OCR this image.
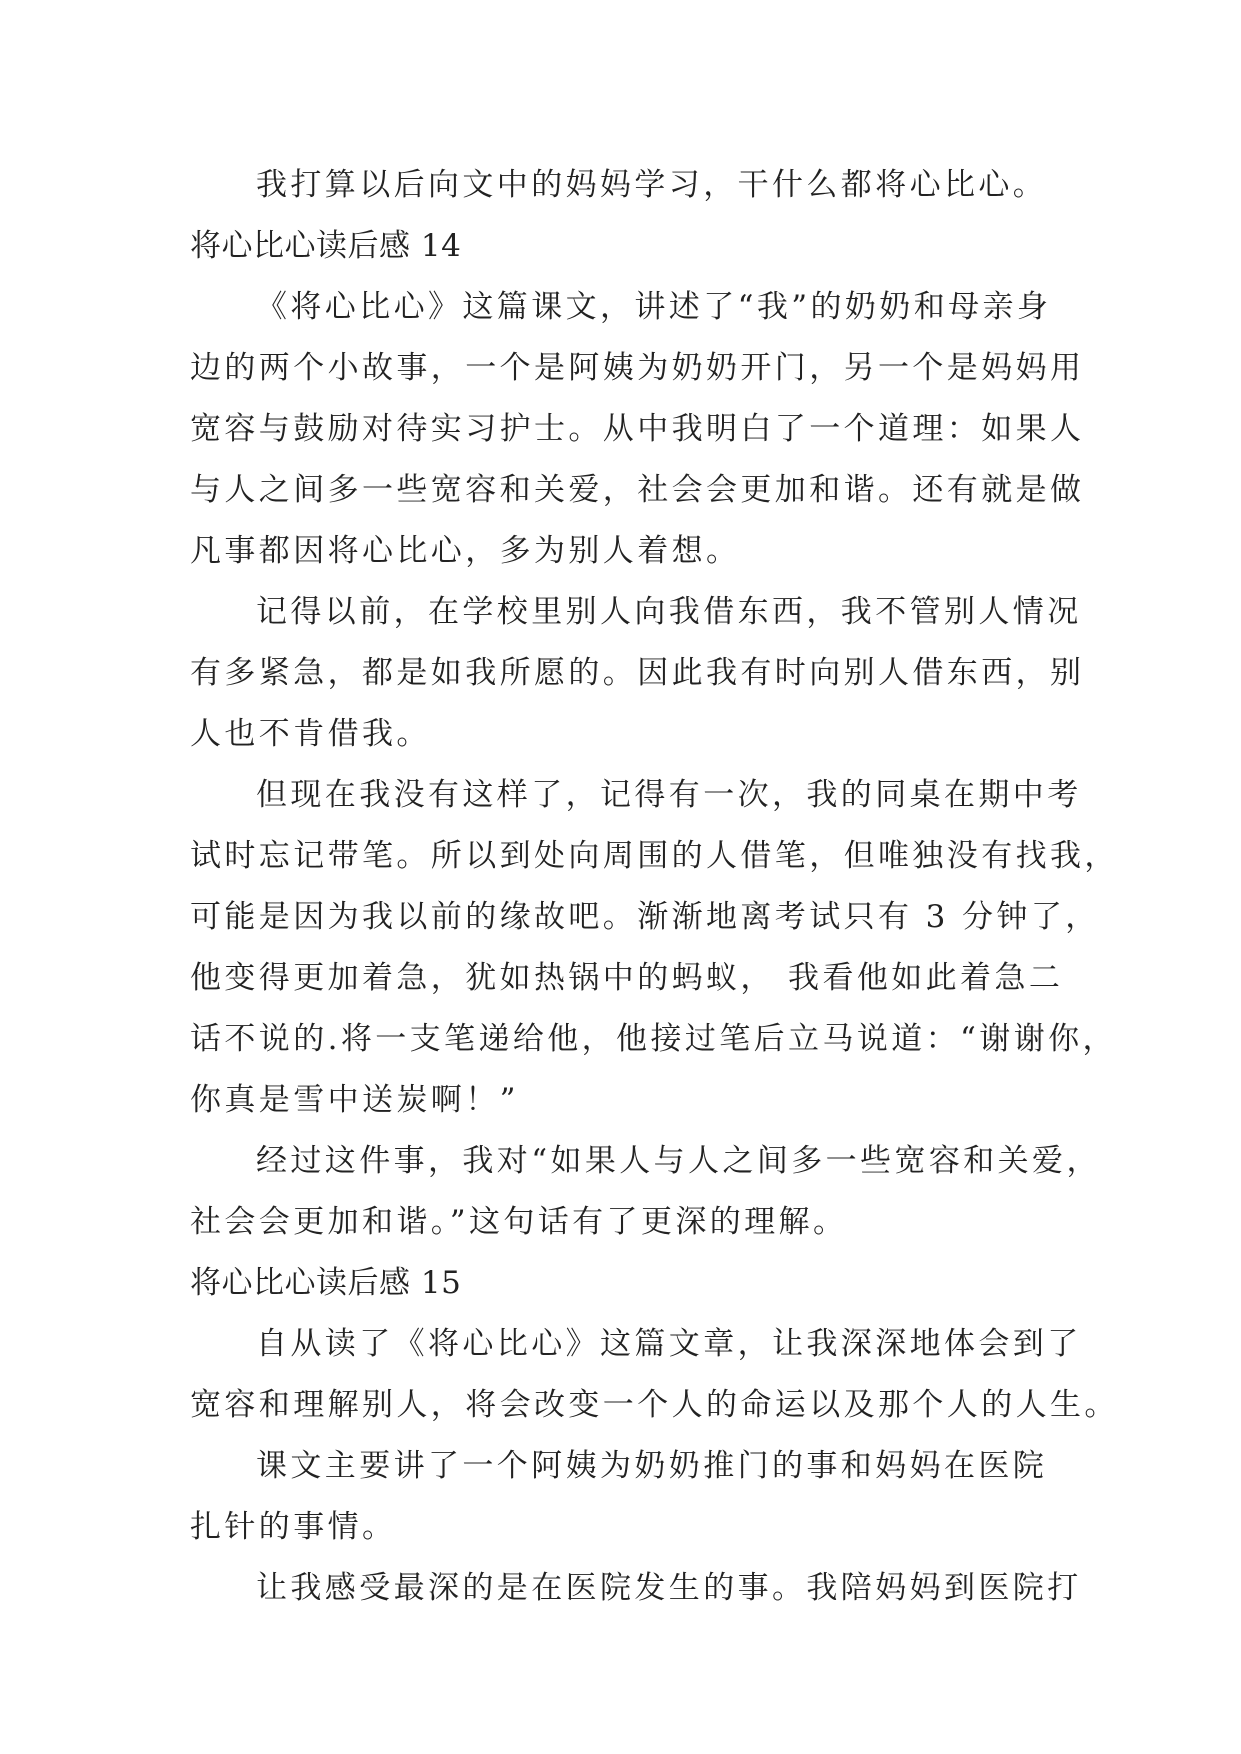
我打算以后向文中的妈妈学习，干什么都将心比心。
将心比心读后感 14
《将心比心》这篇课文，讲述了“我”的奶奶和母亲身
边的两个小故事，一个是阿姨为奶奶开门，另一个是妈妈用
宽容与鼓励对待实习护士。从中我明白了一个道理：如果人
与人之间多一些宽容和关爱，社会会更加和谐。还有就是做
凡事都因将心比心，多为别人着想。
记得以前，在学校里别人向我借东西，我不管别人情况
有多紧急，都是如我所愿的。因此我有时向别人借东西，别
人也不肯借我。
但现在我没有这样了，记得有一次，我的同桌在期中考
试时忘记带笔。所以到处向周围的人借笔，但唯独没有找我，
可能是因为我以前的缘故吧。渐渐地离考试只有 3 分钟了，
他变得更加着急，犹如热锅中的蚂蚁， 我看他如此着急二
话不说的.将一支笔递给他，他接过笔后立马说道：“谢谢你，
你真是雪中送炭啊！”
经过这件事，我对“如果人与人之间多一些宽容和关爱，
社会会更加和谐。”这句话有了更深的理解。
将心比心读后感 15
自从读了《将心比心》这篇文章，让我深深地体会到了
宽容和理解别人，将会改变一个人的命运以及那个人的人生。
课文主要讲了一个阿姨为奶奶推门的事和妈妈在医院
扎针的事情。
让我感受最深的是在医院发生的事。我陪妈妈到医院打
